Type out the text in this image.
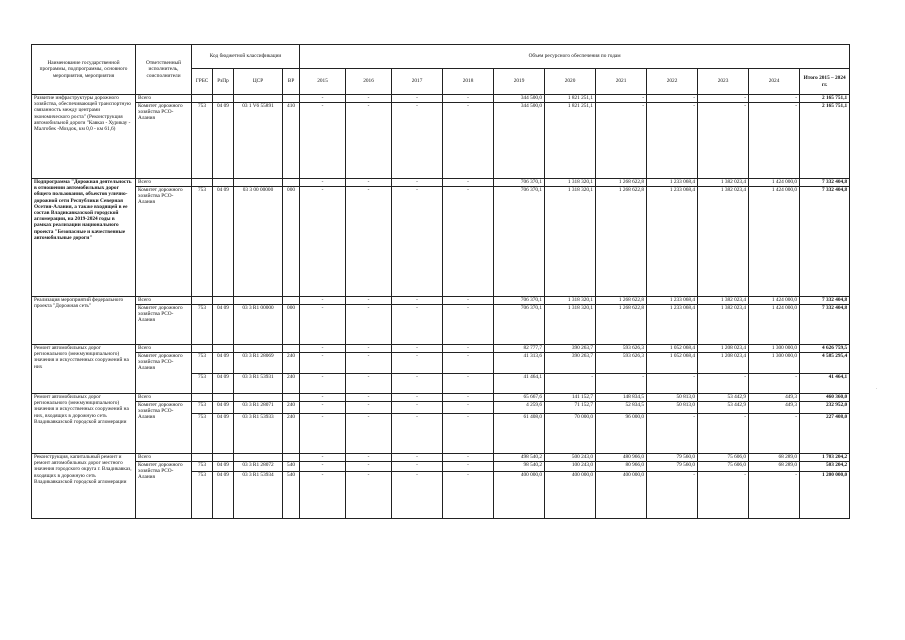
Наименование государственной программы, подпрограммы, основного мероприятия, мероприятия	Ответственный исполнитель, соисполнители	Код бюджетной классификации				Объем ресурсного обеспечения по годам										
		ГРБС	РзПр	ЦСР	ВР	2015	2016	2017	2018	2019	2020	2021	2022	2023	2024	Итого 2015 – 2024 гг.
Развитие инфраструктуры дорожного хозяйства, обеспечивающей транспортную связанность между центрами экономического роста" (Реконструкция автомобильной дороги "Кавказ - Хурикау - Малгобек -Моздок, км 0,0 - км 61,6)	Всего					-	-	-	-	344 500,0	1 821 251,1	-	-	-	-	2 165 751,1
	Комитет дорожного хозяйства РСО-Алания	753	04 09	03 1 V6 55891	410	-	-	-	-	344 500,0	1 821 251,1	-	-	-	-	2 165 751,1
Подпрограмма "Дорожная деятельность в отношении автомобильных дорог общего пользования, объектов улично-дорожной сети Республики Северная Осетия-Алания, а также входящей в ее состав Владикавказской городской агломерации, на 2019-2024 годы в рамках реализации национального проекта "Безопасные и качественные автомобильные дороги"	Всего					-	-	-	-	706 370,1	1 318 320,1	1 268 622,8	1 233 068,4	1 382 023,4	1 424 000,0	7 332 404,8
	Комитет дорожного хозяйства РСО-Алания	753	04 09	03 3 00 00000	000	-	-	-	-	706 370,1	1 318 320,1	1 268 622,8	1 233 068,4	1 382 023,4	1 424 000,0	7 332 404,8
Реализация мероприятий федерального проекта "Дорожная сеть"	Всего					-	-	-	-	706 370,1	1 318 320,1	1 268 622,8	1 233 068,4	1 382 023,4	1 424 000,0	7 332 404,8
	Комитет дорожного хозяйства РСО-Алания	753	04 09	03 3 R1 00000	000	-	-	-	-	706 370,1	1 318 320,1	1 268 622,8	1 233 068,4	1 382 023,4	1 424 000,0	7 332 404,8
Ремонт автомобильных дорог регионального (межмуниципального) значения и искусственных сооружений на них	Всего					-	-	-	-	82 777,7	390 263,7	593 626,3	1 052 068,4	1 208 023,4	1 300 000,0	4 626 759,5
	Комитет дорожного хозяйства РСО-Алания	753	04 09	03 3 R1 28069	240	-	-	-	-	41 313,6	390 263,7	593 626,3	1 052 068,4	1 208 023,4	1 300 000,0	4 585 295,4
		753	04 09	03 3 R1 53931	240	-	-	-	-	41 464,1	-	-	-	-	-	41 464,1
Ремонт автомобильных дорог регионального (межмуниципального) значения и искусственных сооружений на них, входящих в дорожную сеть Владикавказской городской агломерации	Всего					-	-	-	-	65 667,6	141 152,7	148 834,5	50 813,0	53 442,9	449,3	460 360,0
	Комитет дорожного хозяйства РСО-Алания	753	04 09	03 3 R1 28071	240	-	-	-	-	4 259,6	71 152,7	52 834,5	50 813,0	53 442,9	449,3	232 952,0
		753	04 09	03 3 R1 53933	240	-	-	-	-	61 408,0	70 000,0	96 000,0	-	-	-	227 408,0
Реконструкция, капитальный ремонт и ремонт автомобильных дорог местного значения городского округа г. Владикавказ, входящих в дорожную сеть Владикавказской городской агломерации	Всего					-	-	-	-	498 540,2	500 243,0	480 966,0	79 560,0	75 606,0	68 289,0	1 703 204,2
	Комитет дорожного хозяйства РСО-Алания	753	04 09	03 3 R1 28072	540	-	-	-	-	98 540,2	100 243,0	80 966,0	79 560,0	75 606,0	68 289,0	503 204,2
		753	04 09	03 3 R1 53934	540	-	-	-	-	400 000,0	400 000,0	400 000,0	-	-	-	1 200 000,0
.
